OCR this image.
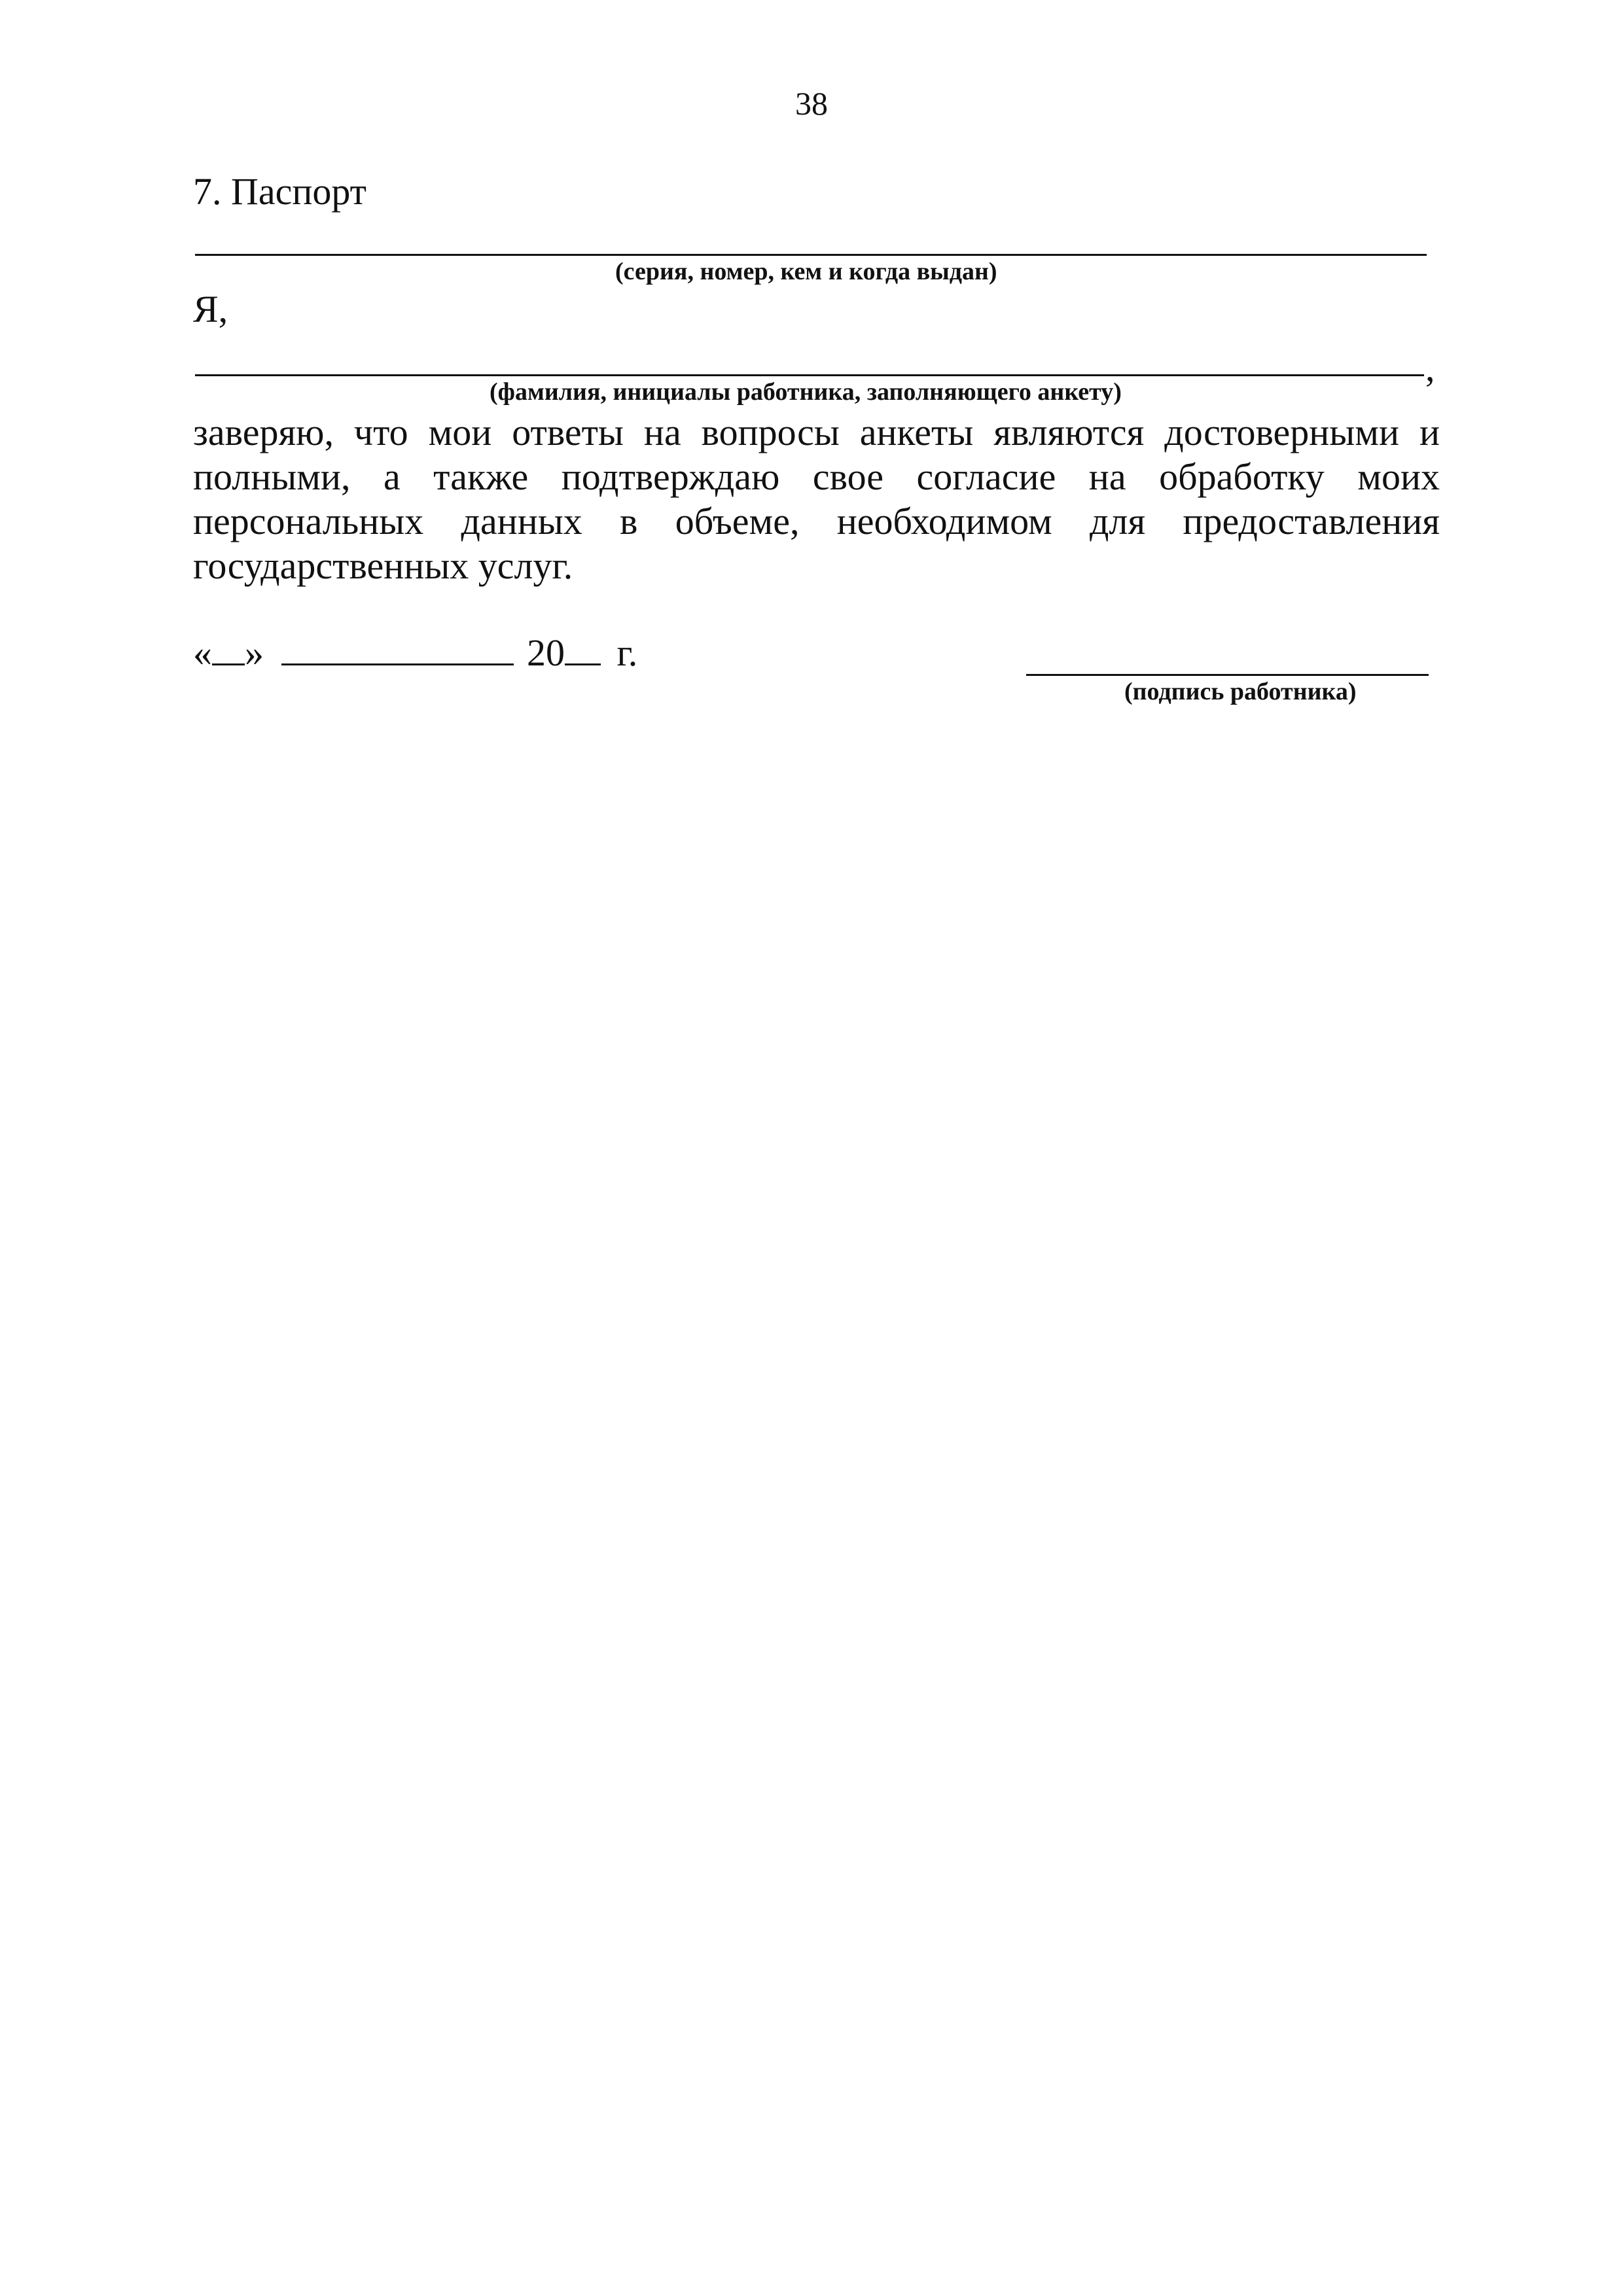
38
7. Паспорт
(серия, номер, кем и когда выдан)
Я,
,
(фамилия, инициалы работника, заполняющего анкету)
заверяю, что мои ответы на вопросы анкеты являются достоверными и полными, а также подтверждаю свое согласие на обработку моих персональных данных в объеме, необходимом для предоставления государственных услуг.
« »	20 г.
(подпись работника)
